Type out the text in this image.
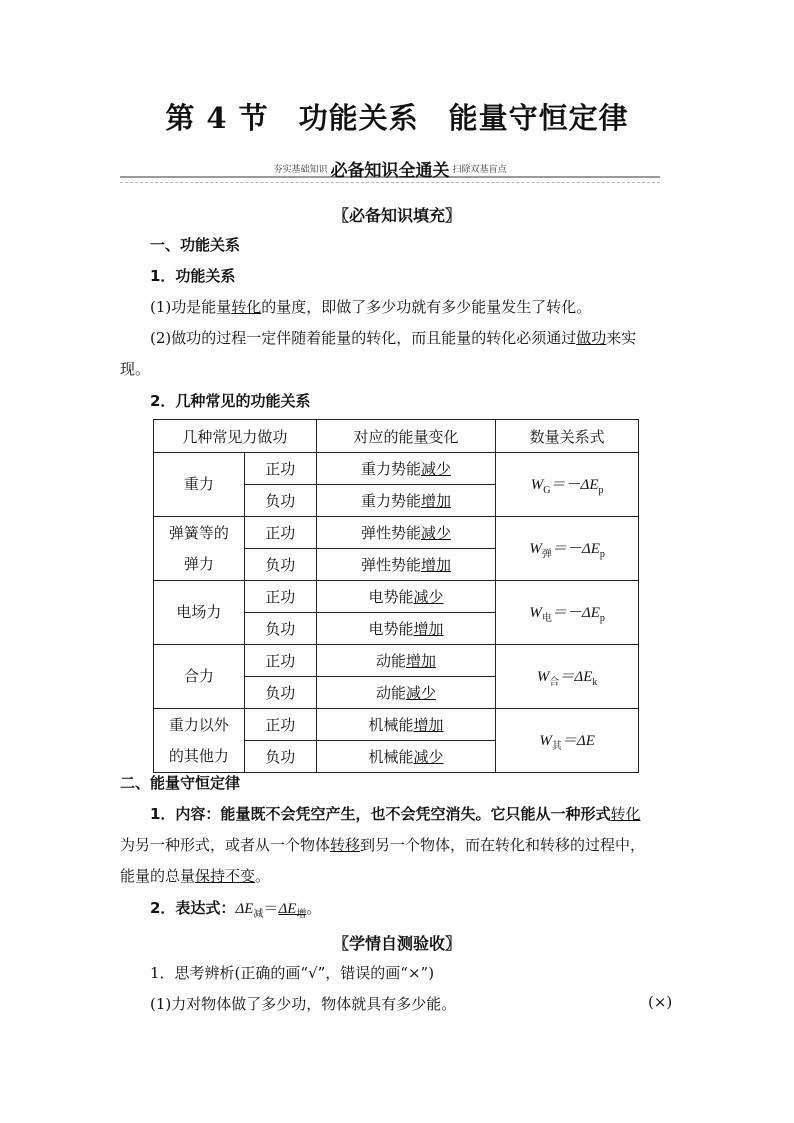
第 4 节　功能关系　能量守恒定律
夯实基础知识 必备知识全通关 扫除双基盲点
〖必备知识填充〗
一、功能关系
1．功能关系
(1)功是能量转化的量度，即做了多少功就有多少能量发生了转化。
(2)做功的过程一定伴随着能量的转化，而且能量的转化必须通过做功来实
现。
2．几种常见的功能关系
几种常见力做功		对应的能量变化	数量关系式

重力	正功	重力势能减少	$W_G=-\Delta E_p$
	负功	重力势能增加	

弹簧等的
弹力	正功	弹性势能减少	$W_弹=-\Delta E_p$
	负功	弹性势能增加	

电场力	正功	电势能减少	$W_电=-\Delta E_p$
	负功	电势能增加	

合力	正功	动能增加	$W_合=\Delta E_k$
	负功	动能减少	

重力以外
的其他力	正功	机械能增加	$W_其=\Delta E$
	负功	机械能减少	
二、能量守恒定律
1．内容：能量既不会凭空产生，也不会凭空消失。它只能从一种形式转化
为另一种形式，或者从一个物体转移到另一个物体，而在转化和转移的过程中，
能量的总量保持不变。
2．表达式：$\Delta E_减=\Delta E_增$。
〖学情自测验收〗
1．思考辨析(正确的画“√”，错误的画“×”)
(1)力对物体做了多少功，物体就具有多少能。	(×)
